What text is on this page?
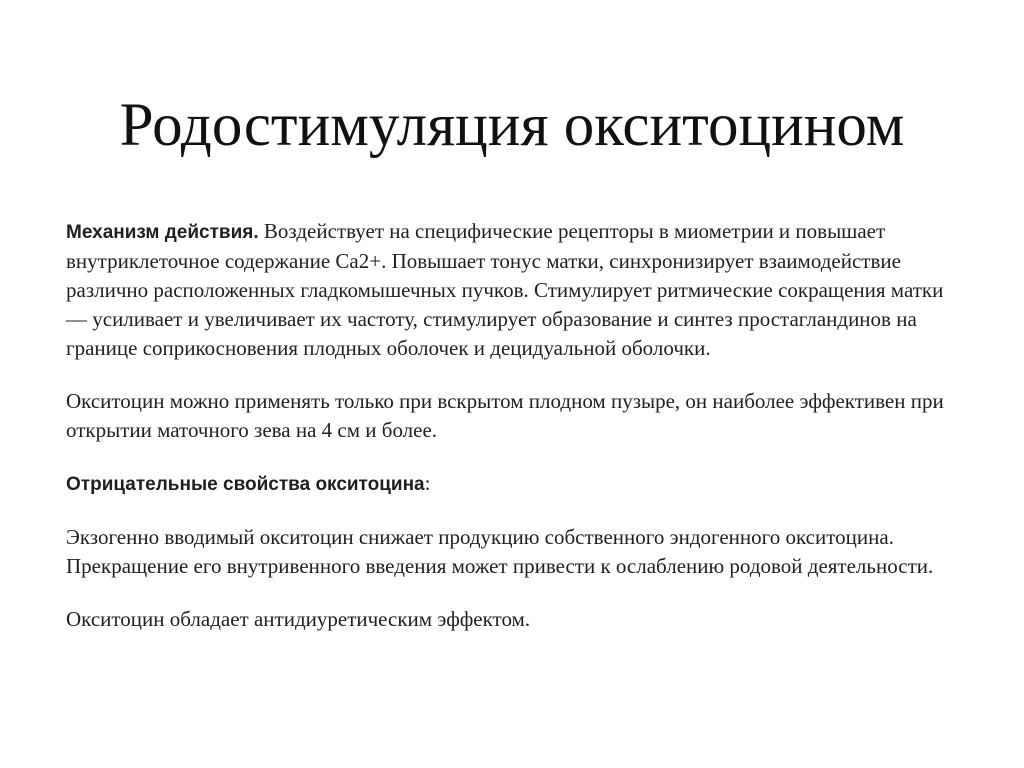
Родостимуляция окситоцином

Механизм действия. Воздействует на специфические рецепторы в миометрии и повышает внутриклеточное содержание Са2+. Повышает тонус матки, синхронизирует взаимодействие различно расположенных гладкомышечных пучков. Стимулирует ритмические сокращения матки — усиливает и увеличивает их частоту, стимулирует образование и синтез простагландинов на границе соприкосновения плодных оболочек и децидуальной оболочки.

Окситоцин можно применять только при вскрытом плодном пузыре, он наиболее эффективен при открытии маточного зева на 4 см и более.

Отрицательные свойства окситоцина:

Экзогенно вводимый окситоцин снижает продукцию собственного эндогенного окситоцина. Прекращение его внутривенного введения может привести к ослаблению родовой деятельности.

Окситоцин обладает антидиуретическим эффектом.
